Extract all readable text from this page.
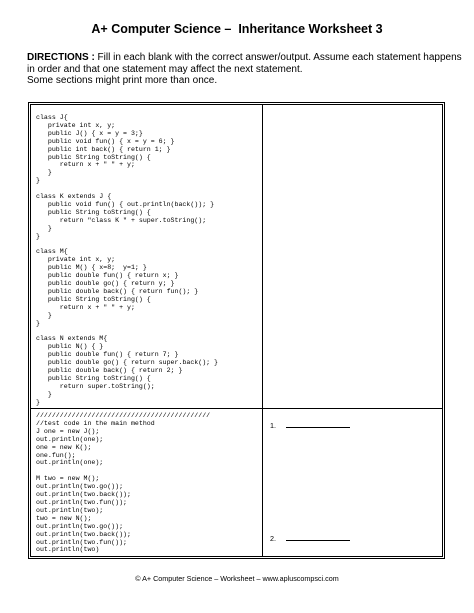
A+ Computer Science –  Inheritance Worksheet 3
DIRECTIONS : Fill in each blank with the correct answer/output. Assume each statement happens
in order and that one statement may affect the next statement.
Some sections might print more than once.
class J{
private int x, y;
public J() { x = y = 3;}
public void fun() { x = y = 6; }
public int back() { return 1; }
public String toString() {
return x + " " + y;
}
}

class K extends J {
public void fun() { out.println(back()); }
public String toString() {
return "class K " + super.toString();
}
}

class M{
private int x, y;
public M() { x=8;  y=1; }
public double fun() { return x; }
public double go() { return y; }
public double back() { return fun(); }
public String toString() {
return x + " " + y;
}
}

class N extends M{
public N() { }
public double fun() { return 7; }
public double go() { return super.back(); }
public double back() { return 2; }
public String toString() {
return super.toString();
}
}
////////////////////////////////////////////
//test code in the main method
J one = new J();
out.println(one);
one = new K();
one.fun();
out.println(one);

M two = new M();
out.println(two.go());
out.println(two.back());
out.println(two.fun());
out.println(two);
two = new N();
out.println(two.go());
out.println(two.back());
out.println(two.fun());
out.println(two)
1.
2.
© A+ Computer Science – Worksheet – www.apluscompsci.com
